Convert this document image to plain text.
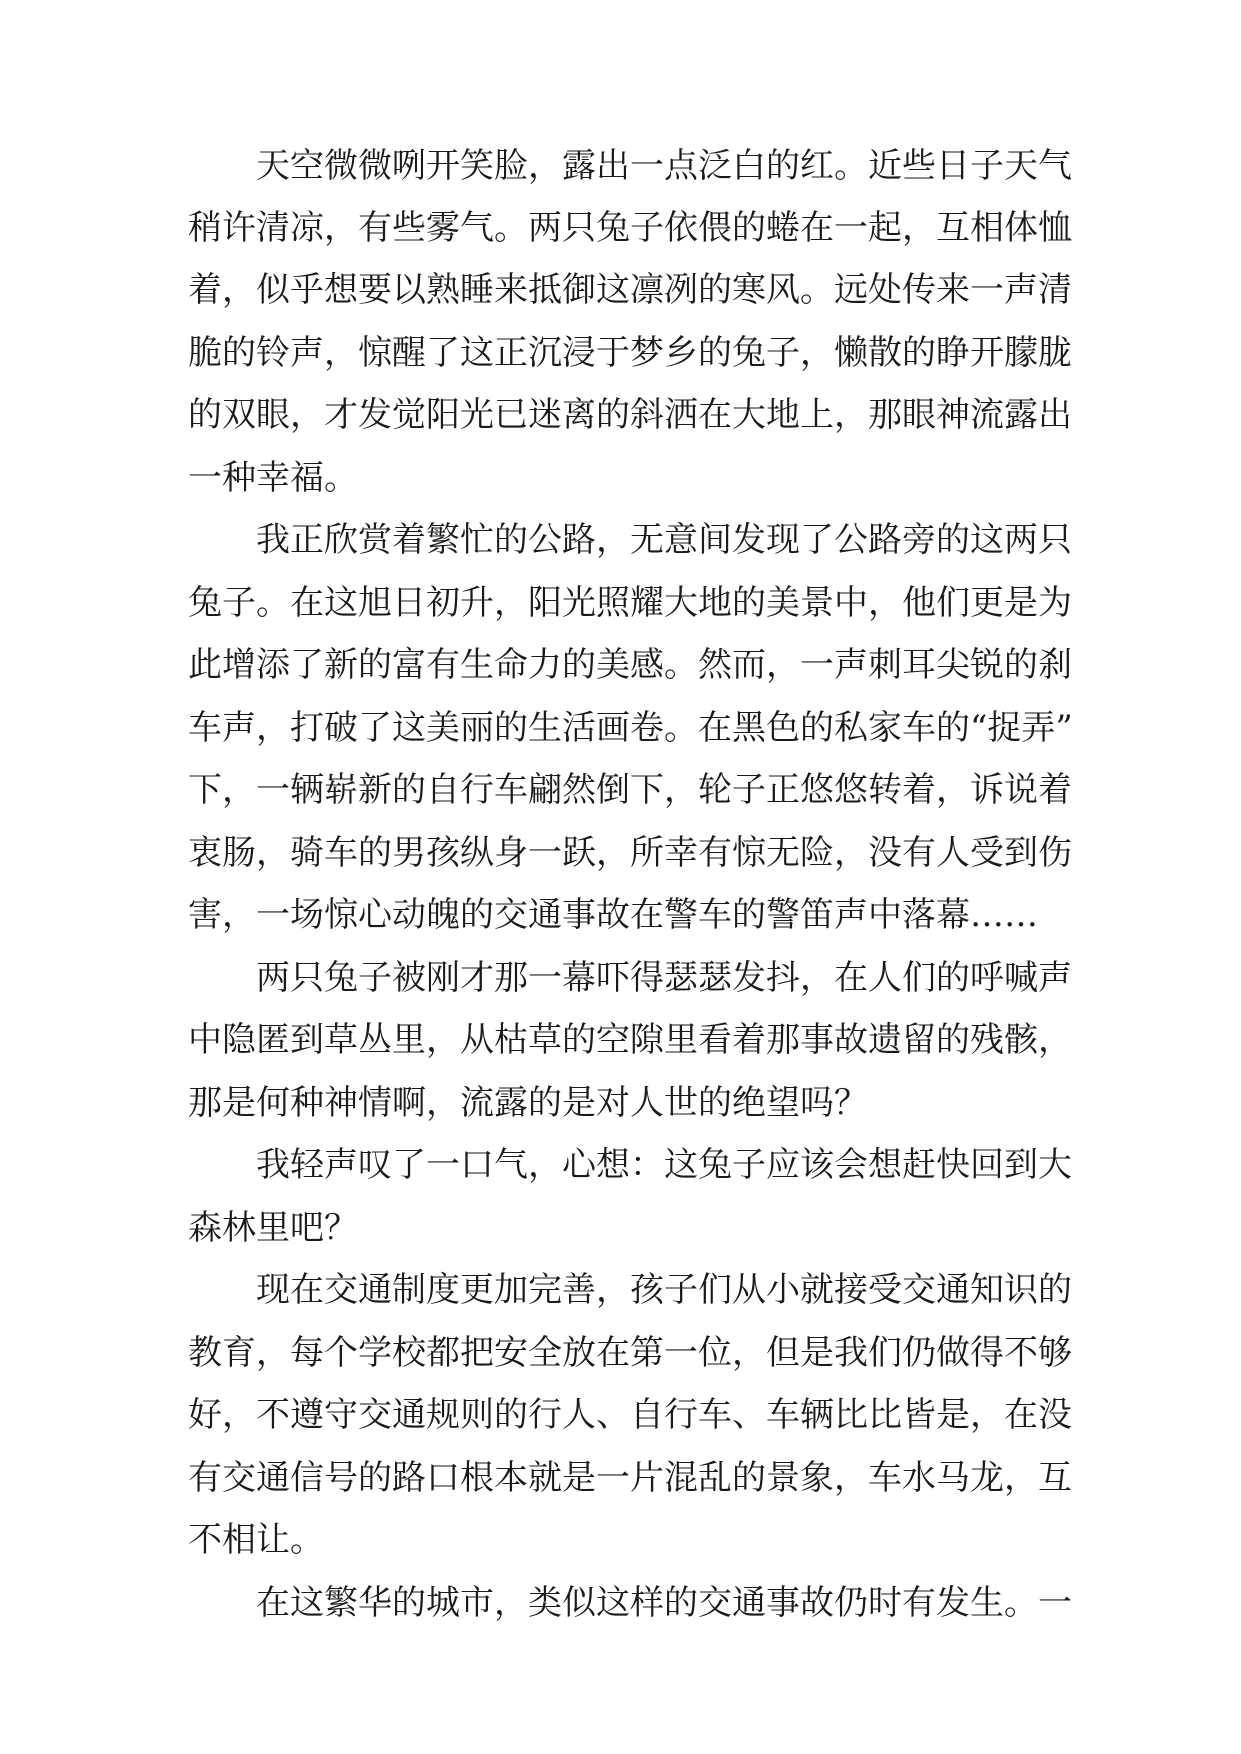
天空微微咧开笑脸，露出一点泛白的红。近些日子天气

稍许清凉，有些雾气。两只兔子依偎的蜷在一起，互相体恤

着，似乎想要以熟睡来抵御这凛冽的寒风。远处传来一声清

脆的铃声，惊醒了这正沉浸于梦乡的兔子，懒散的睁开朦胧

的双眼，才发觉阳光已迷离的斜洒在大地上，那眼神流露出

一种幸福。

我正欣赏着繁忙的公路，无意间发现了公路旁的这两只

兔子。在这旭日初升，阳光照耀大地的美景中，他们更是为

此增添了新的富有生命力的美感。然而，一声刺耳尖锐的刹

车声，打破了这美丽的生活画卷。在黑色的私家车的“捉弄”

下，一辆崭新的自行车翩然倒下，轮子正悠悠转着，诉说着

衷肠，骑车的男孩纵身一跃，所幸有惊无险，没有人受到伤

害，一场惊心动魄的交通事故在警车的警笛声中落幕……

两只兔子被刚才那一幕吓得瑟瑟发抖，在人们的呼喊声

中隐匿到草丛里，从枯草的空隙里看着那事故遗留的残骸，

那是何种神情啊，流露的是对人世的绝望吗？

我轻声叹了一口气，心想：这兔子应该会想赶快回到大

森林里吧？

现在交通制度更加完善，孩子们从小就接受交通知识的

教育，每个学校都把安全放在第一位，但是我们仍做得不够

好，不遵守交通规则的行人、自行车、车辆比比皆是，在没

有交通信号的路口根本就是一片混乱的景象，车水马龙，互

不相让。

在这繁华的城市，类似这样的交通事故仍时有发生。一
